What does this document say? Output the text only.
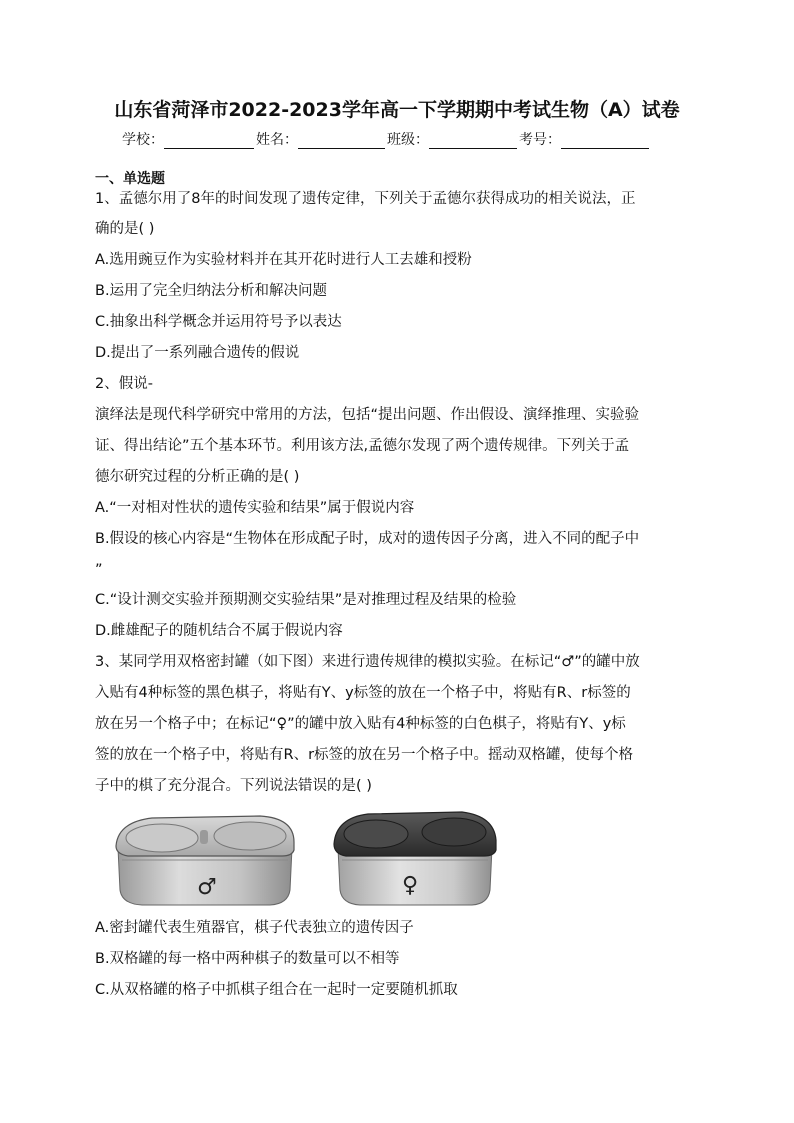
山东省菏泽市2022-2023学年高一下学期期中考试生物（A）试卷
学校：	姓名：	班级：	考号：
一、单选题
1、孟德尔用了8年的时间发现了遗传定律，下列关于孟德尔获得成功的相关说法，正
确的是( )
A.选用豌豆作为实验材料并在其开花时进行人工去雄和授粉
B.运用了完全归纳法分析和解决问题
C.抽象出科学概念并运用符号予以表达
D.提出了一系列融合遗传的假说
2、假说-
演绎法是现代科学研究中常用的方法，包括“提出问题、作出假设、演绎推理、实验验
证、得出结论”五个基本环节。利用该方法,孟德尔发现了两个遗传规律。下列关于孟
德尔研究过程的分析正确的是( )
A.“一对相对性状的遗传实验和结果”属于假说内容
B.假设的核心内容是“生物体在形成配子时，成对的遗传因子分离，进入不同的配子中
”
C.“设计测交实验并预期测交实验结果”是对推理过程及结果的检验
D.雌雄配子的随机结合不属于假说内容
3、某同学用双格密封罐（如下图）来进行遗传规律的模拟实验。在标记“♂”的罐中放
入贴有4种标签的黑色棋子，将贴有Y、y标签的放在一个格子中，将贴有R、r标签的
放在另一个格子中；在标记“♀”的罐中放入贴有4种标签的白色棋子，将贴有Y、y标
签的放在一个格子中，将贴有R、r标签的放在另一个格子中。摇动双格罐，使每个格
子中的棋了充分混合。下列说法错误的是( )
♂	♀
A.密封罐代表生殖器官，棋子代表独立的遗传因子
B.双格罐的每一格中两种棋子的数量可以不相等
C.从双格罐的格子中抓棋子组合在一起时一定要随机抓取
